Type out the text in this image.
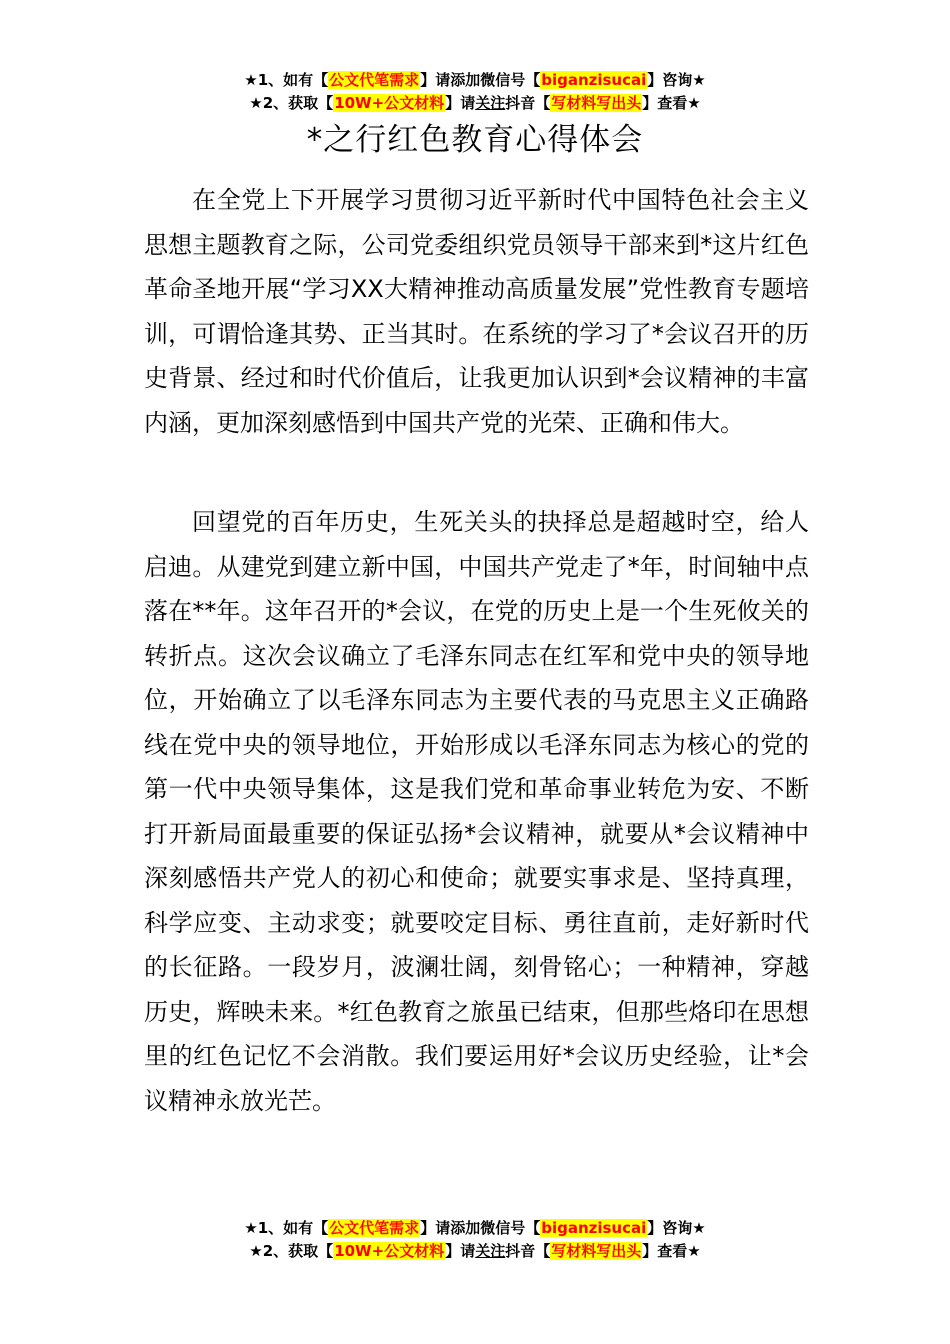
★1、如有【公文代笔需求】请添加微信号【biganzisucai】咨询★
★2、获取【10W+公文材料】请关注抖音【写材料写出头】查看★
*之行红色教育心得体会

在全党上下开展学习贯彻习近平新时代中国特色社会主义思想主题教育之际，公司党委组织党员领导干部来到*这片红色革命圣地开展“学习XX大精神推动高质量发展”党性教育专题培训，可谓恰逢其势、正当其时。在系统的学习了*会议召开的历史背景、经过和时代价值后，让我更加认识到*会议精神的丰富内涵，更加深刻感悟到中国共产党的光荣、正确和伟大。

回望党的百年历史，生死关头的抉择总是超越时空，给人启迪。从建党到建立新中国，中国共产党走了*年，时间轴中点落在**年。这年召开的*会议，在党的历史上是一个生死攸关的转折点。这次会议确立了毛泽东同志在红军和党中央的领导地位，开始确立了以毛泽东同志为主要代表的马克思主义正确路线在党中央的领导地位，开始形成以毛泽东同志为核心的党的第一代中央领导集体，这是我们党和革命事业转危为安、不断打开新局面最重要的保证弘扬*会议精神，就要从*会议精神中深刻感悟共产党人的初心和使命；就要实事求是、坚持真理，科学应变、主动求变；就要咬定目标、勇往直前，走好新时代的长征路。一段岁月，波澜壮阔，刻骨铭心；一种精神，穿越历史，辉映未来。*红色教育之旅虽已结束，但那些烙印在思想里的红色记忆不会消散。我们要运用好*会议历史经验，让*会议精神永放光芒。

★1、如有【公文代笔需求】请添加微信号【biganzisucai】咨询★
★2、获取【10W+公文材料】请关注抖音【写材料写出头】查看★
